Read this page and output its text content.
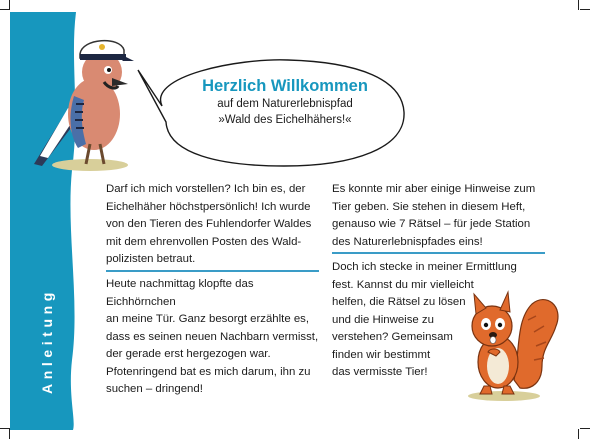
Anleitung
Herzlich Willkommen
auf dem Naturerlebnispfad
»Wald des Eichelhähers!«
Darf ich mich vorstellen? Ich bin es, der
Eichelhäher höchstpersönlich! Ich wurde
von den Tieren des Fuhlendorfer Waldes
mit dem ehrenvollen Posten des Wald-
polizisten betraut.
Heute nachmittag klopfte das Eichhörnchen
an meine Tür. Ganz besorgt erzählte es,
dass es seinen neuen Nachbarn vermisst,
der gerade erst hergezogen war.
Pfotenringend bat es mich darum, ihn zu
suchen – dringend!
Es konnte mir aber einige Hinweise zum
Tier geben. Sie stehen in diesem Heft,
genauso wie 7 Rätsel – für jede Station
des Naturerlebnispfades eins!
Doch ich stecke in meiner Ermittlung
fest. Kannst du mir vielleicht
helfen, die Rätsel zu lösen
und die Hinweise zu
verstehen? Gemeinsam
finden wir bestimmt
das vermisste Tier!
